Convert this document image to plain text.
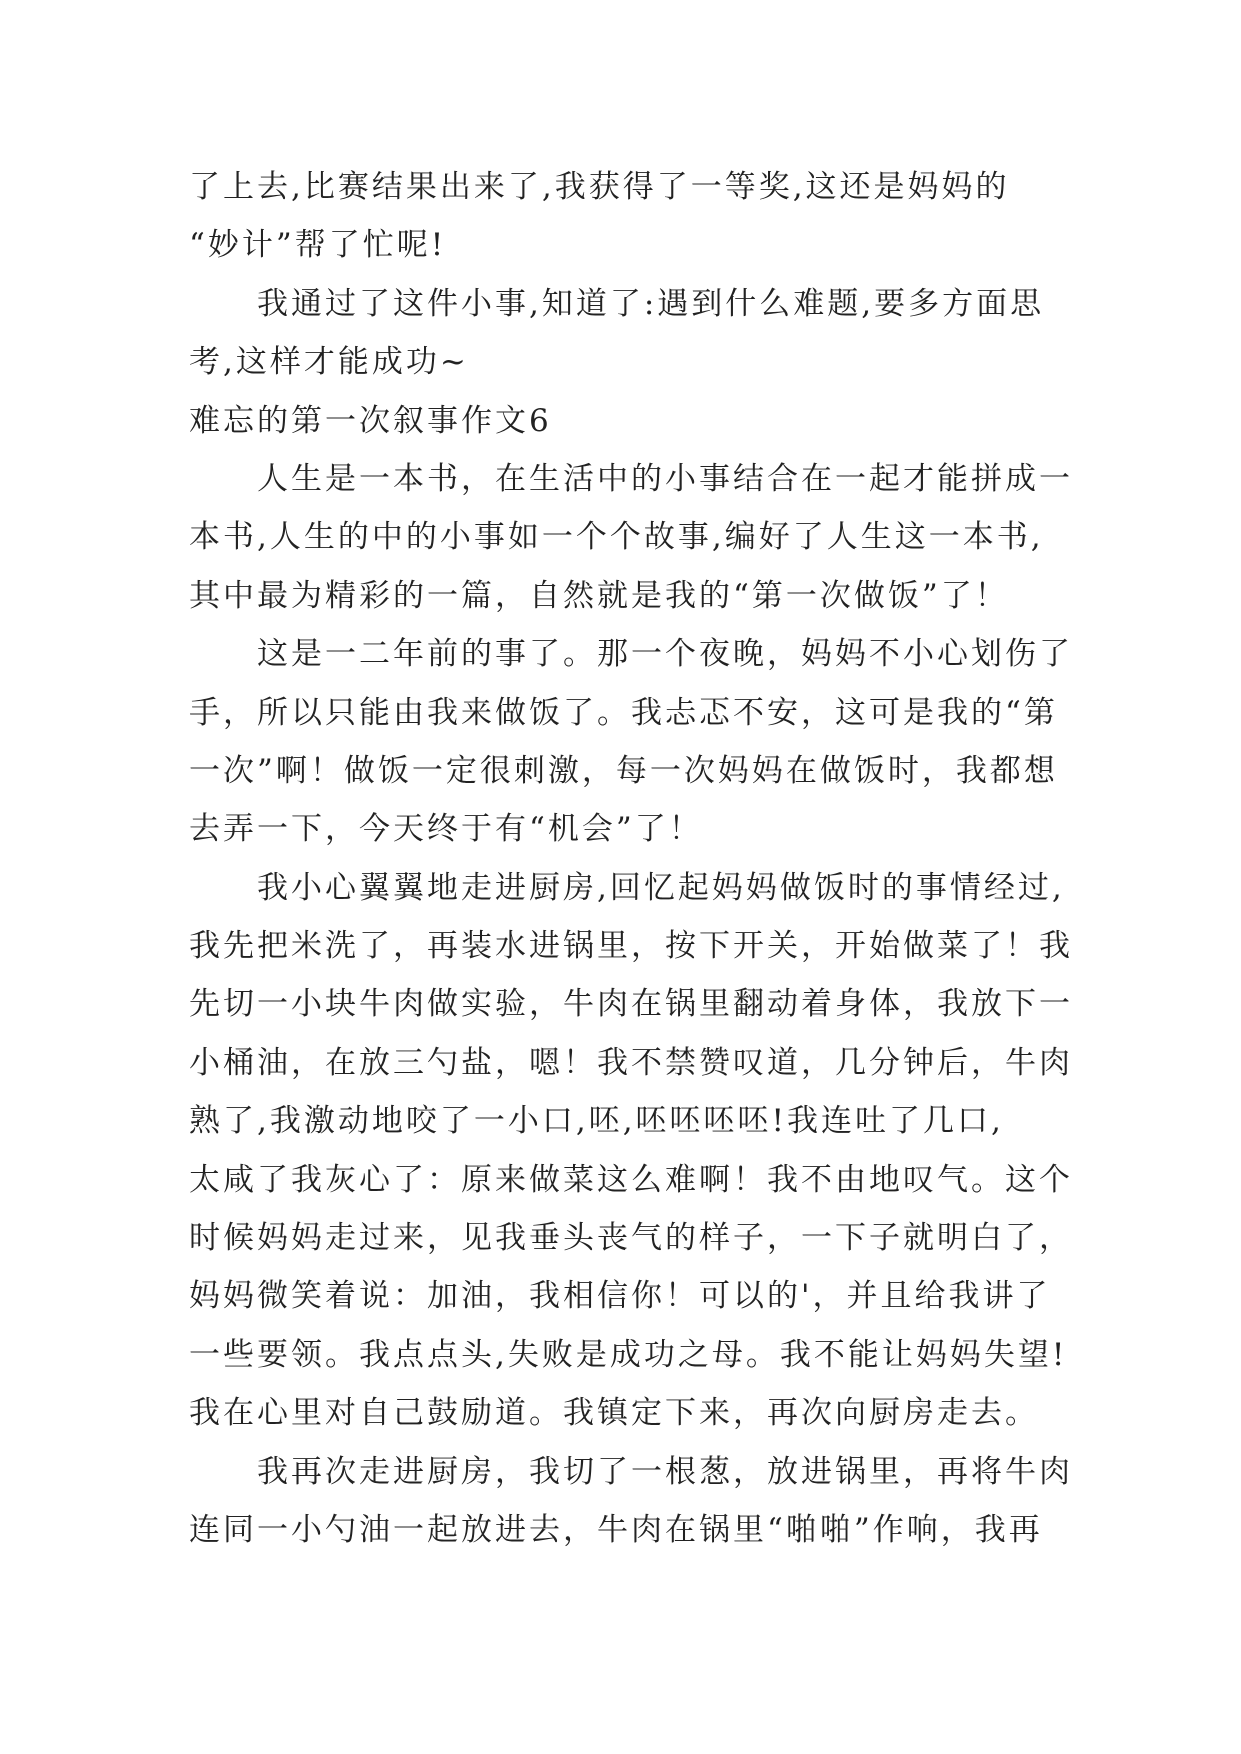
了上去,比赛结果出来了,我获得了一等奖,这还是妈妈的
“妙计”帮了忙呢!
我通过了这件小事,知道了:遇到什么难题,要多方面思
考,这样才能成功~
难忘的第一次叙事作文6
人生是一本书，在生活中的小事结合在一起才能拼成一
本书,人生的中的小事如一个个故事,编好了人生这一本书,
其中最为精彩的一篇，自然就是我的“第一次做饭”了！
这是一二年前的事了。那一个夜晚，妈妈不小心划伤了
手，所以只能由我来做饭了。我忐忑不安，这可是我的“第
一次”啊！做饭一定很刺激，每一次妈妈在做饭时，我都想
去弄一下，今天终于有“机会”了！
我小心翼翼地走进厨房,回忆起妈妈做饭时的事情经过,
我先把米洗了，再装水进锅里，按下开关，开始做菜了！我
先切一小块牛肉做实验，牛肉在锅里翻动着身体，我放下一
小桶油，在放三勺盐，嗯！我不禁赞叹道，几分钟后，牛肉
熟了,我激动地咬了一小口,呸,呸呸呸呸!我连吐了几口,
太咸了我灰心了：原来做菜这么难啊！我不由地叹气。这个
时候妈妈走过来，见我垂头丧气的样子，一下子就明白了，
妈妈微笑着说：加油，我相信你！可以的'，并且给我讲了
一些要领。我点点头,失败是成功之母。我不能让妈妈失望!
我在心里对自己鼓励道。我镇定下来，再次向厨房走去。
我再次走进厨房，我切了一根葱，放进锅里，再将牛肉
连同一小勺油一起放进去，牛肉在锅里“啪啪”作响，我再
